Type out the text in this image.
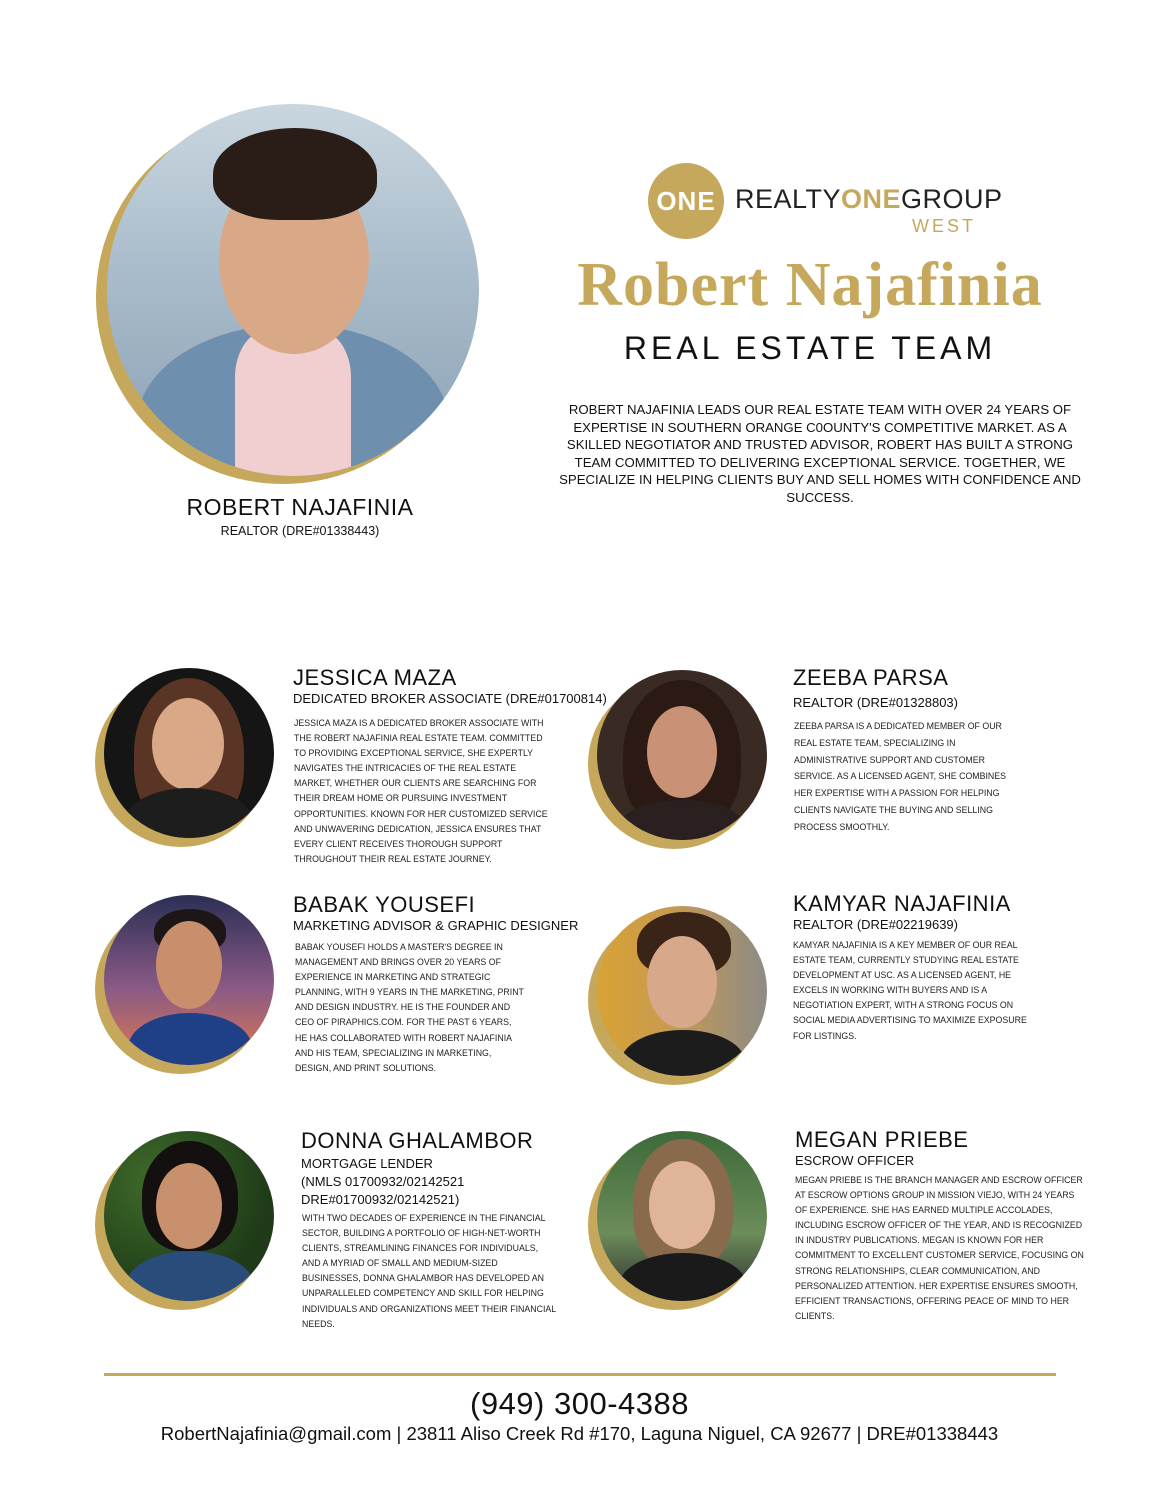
ROBERT NAJAFINIA
REALTOR (DRE#01338443)
ONE REALTYONEGROUP
WEST
Robert Najafinia
REAL ESTATE TEAM
ROBERT NAJAFINIA LEADS OUR REAL ESTATE TEAM WITH OVER 24 YEARS OF EXPERTISE IN SOUTHERN ORANGE C0OUNTY'S COMPETITIVE MARKET. AS A SKILLED NEGOTIATOR AND TRUSTED ADVISOR, ROBERT HAS BUILT A STRONG TEAM COMMITTED TO DELIVERING EXCEPTIONAL SERVICE. TOGETHER, WE SPECIALIZE IN HELPING CLIENTS BUY AND SELL HOMES WITH CONFIDENCE AND SUCCESS.
JESSICA MAZA
DEDICATED BROKER ASSOCIATE (DRE#01700814)
JESSICA MAZA IS A DEDICATED BROKER ASSOCIATE WITH THE ROBERT NAJAFINIA REAL ESTATE TEAM. COMMITTED TO PROVIDING EXCEPTIONAL SERVICE, SHE EXPERTLY NAVIGATES THE INTRICACIES OF THE REAL ESTATE MARKET, WHETHER OUR CLIENTS ARE SEARCHING FOR THEIR DREAM HOME OR PURSUING INVESTMENT OPPORTUNITIES. KNOWN FOR HER CUSTOMIZED SERVICE AND UNWAVERING DEDICATION, JESSICA ENSURES THAT EVERY CLIENT RECEIVES THOROUGH SUPPORT THROUGHOUT THEIR REAL ESTATE JOURNEY.
ZEEBA PARSA
REALTOR (DRE#01328803)
ZEEBA PARSA IS A DEDICATED MEMBER OF OUR REAL ESTATE TEAM, SPECIALIZING IN ADMINISTRATIVE SUPPORT AND CUSTOMER SERVICE. AS A LICENSED AGENT, SHE COMBINES HER EXPERTISE WITH A PASSION FOR HELPING CLIENTS NAVIGATE THE BUYING AND SELLING PROCESS SMOOTHLY.
BABAK YOUSEFI
MARKETING ADVISOR & GRAPHIC DESIGNER
BABAK YOUSEFI HOLDS A MASTER'S DEGREE IN MANAGEMENT AND BRINGS OVER 20 YEARS OF EXPERIENCE IN MARKETING AND STRATEGIC PLANNING, WITH 9 YEARS IN THE MARKETING, PRINT AND DESIGN INDUSTRY. HE IS THE FOUNDER AND CEO OF PIRAPHICS.COM. FOR THE PAST 6 YEARS, HE HAS COLLABORATED WITH ROBERT NAJAFINIA AND HIS TEAM, SPECIALIZING IN MARKETING, DESIGN, AND PRINT SOLUTIONS.
KAMYAR NAJAFINIA
REALTOR (DRE#02219639)
KAMYAR NAJAFINIA IS A KEY MEMBER OF OUR REAL ESTATE TEAM, CURRENTLY STUDYING REAL ESTATE DEVELOPMENT AT USC. AS A LICENSED AGENT, HE EXCELS IN WORKING WITH BUYERS AND IS A NEGOTIATION EXPERT, WITH A STRONG FOCUS ON SOCIAL MEDIA ADVERTISING TO MAXIMIZE EXPOSURE FOR LISTINGS.
DONNA GHALAMBOR
MORTGAGE LENDER
(NMLS 01700932/02142521
DRE#01700932/02142521)
WITH TWO DECADES OF EXPERIENCE IN THE FINANCIAL SECTOR, BUILDING A PORTFOLIO OF HIGH-NET-WORTH CLIENTS, STREAMLINING FINANCES FOR INDIVIDUALS, AND A MYRIAD OF SMALL AND MEDIUM-SIZED BUSINESSES, DONNA GHALAMBOR HAS DEVELOPED AN UNPARALLELED COMPETENCY AND SKILL FOR HELPING INDIVIDUALS AND ORGANIZATIONS MEET THEIR FINANCIAL NEEDS.
MEGAN PRIEBE
ESCROW OFFICER
MEGAN PRIEBE IS THE BRANCH MANAGER AND ESCROW OFFICER AT ESCROW OPTIONS GROUP IN MISSION VIEJO, WITH 24 YEARS OF EXPERIENCE. SHE HAS EARNED MULTIPLE ACCOLADES, INCLUDING ESCROW OFFICER OF THE YEAR, AND IS RECOGNIZED IN INDUSTRY PUBLICATIONS. MEGAN IS KNOWN FOR HER COMMITMENT TO EXCELLENT CUSTOMER SERVICE, FOCUSING ON STRONG RELATIONSHIPS, CLEAR COMMUNICATION, AND PERSONALIZED ATTENTION. HER EXPERTISE ENSURES SMOOTH, EFFICIENT TRANSACTIONS, OFFERING PEACE OF MIND TO HER CLIENTS.
(949) 300-4388
RobertNajafinia@gmail.com | 23811 Aliso Creek Rd #170, Laguna Niguel, CA 92677 | DRE#01338443
